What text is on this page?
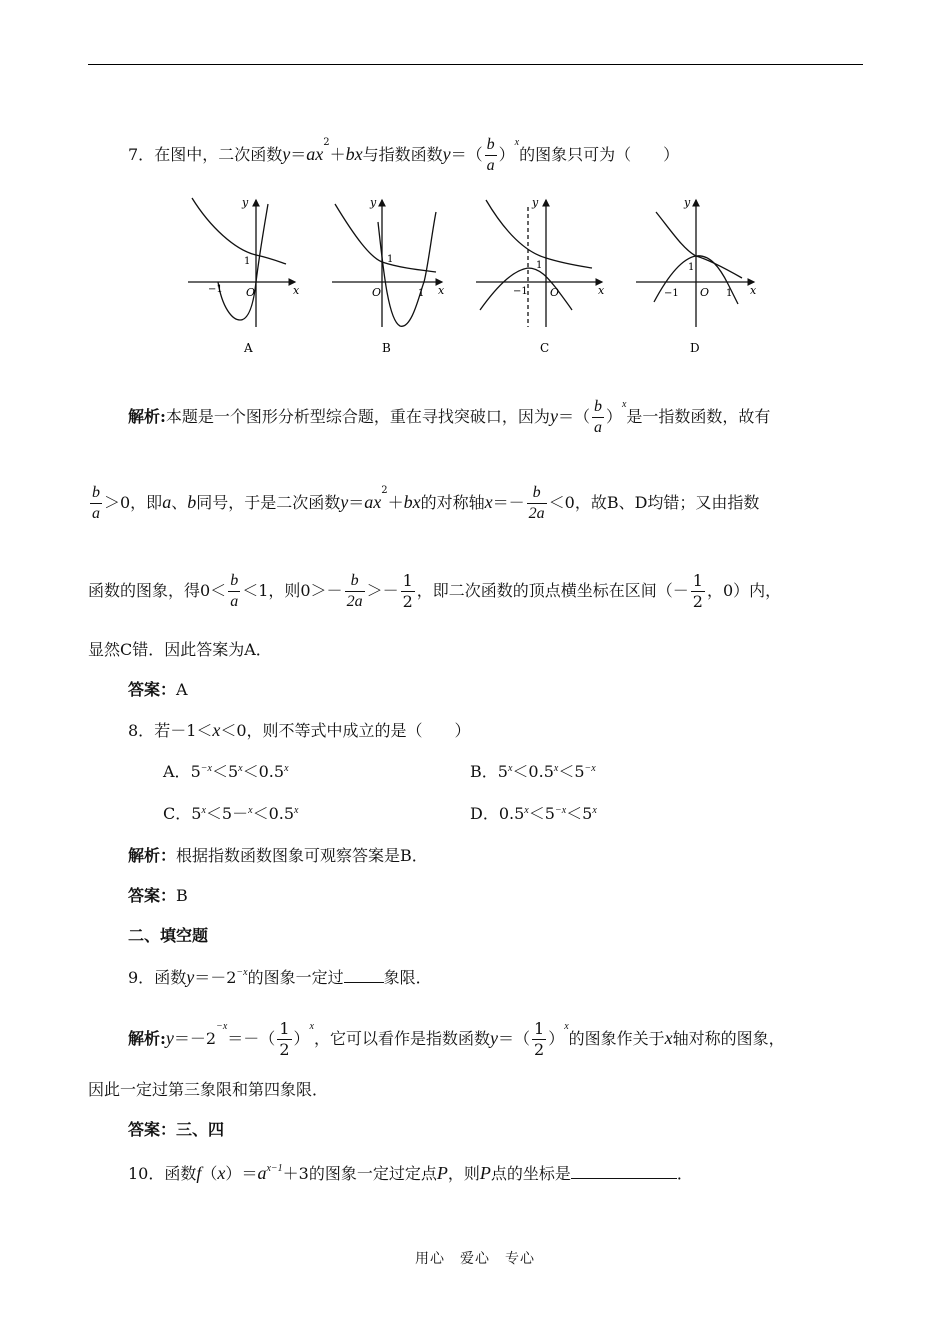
7．在图中，二次函数$y=ax^2+bx$与指数函数$y=( \frac{b}{a} )^x$的图象只可为（　　）
y
x
O
1
−1
A
y
x
O
1
1
B
y
x
O
1
−1
C
y
x
O
1
−1	1
D
解析:本题是一个图形分析型综合题，重在寻找突破口，因为$y=( \frac{b}{a} )^x$是一指数函数，故有
$\frac{b}{a} >0$，即a、b同号，于是二次函数$y=ax^2+bx$的对称轴$x=- \frac{b}{2a} <0$，故B、D均错；又由指数
函数的图象，得$0< \frac{b}{a} <1$，则$0>- \frac{b}{2a} >- \frac{1}{2}$ ，即二次函数的顶点横坐标在区间（－ $\frac{1}{2}$ ，0）内，
显然C错．因此答案为A．
答案：A
8．若－1＜x＜0，则不等式中成立的是（　　）
A．$5^{-x}<5^x<0.5^x$	B．$5^x<0.5^x<5^{-x}$
C．$5^x<5-^x<0.5^x$	D．$0.5^x<5^{-x}<5^x$
解析：根据指数函数图象可观察答案是B．
答案：B
二、填空题
9．函数$y=-2^{-x}$的图象一定过	象限．
解析$:y=-2^{-x}=-( \frac{1}{2} )^x$，它可以看作是指数函数$y=( \frac{1}{2} )^x$的图象作关于x轴对称的图象，
因此一定过第三象限和第四象限．
答案：三、四
10．函数$f(x)=a^{x-1}+3$的图象一定过定点P，则P点的坐标是	．
用心　爱心　专心
